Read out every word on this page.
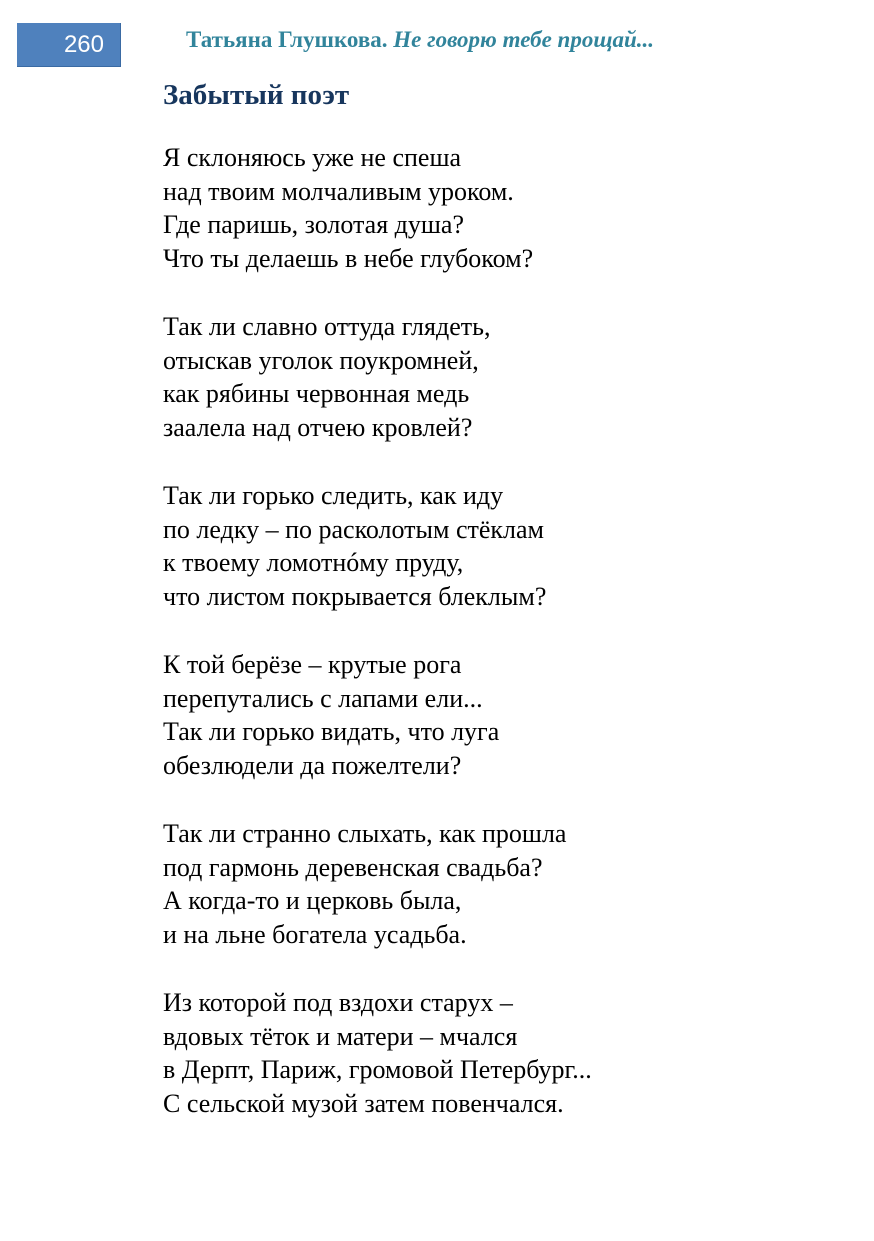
260	Татьяна Глушкова. Не говорю тебе прощай...
Забытый поэт
Я склоняюсь уже не спеша
над твоим молчаливым уроком.
Где паришь, золотая душа?
Что ты делаешь в небе глубоком?
Так ли славно оттуда глядеть,
отыскав уголок поукромней,
как рябины червонная медь
заалела над отчею кровлей?
Так ли горько следить, как иду
по ледку – по расколотым стёклам
к твоему ломотнóму пруду,
что листом покрывается блеклым?
К той берёзе – крутые рога
перепутались с лапами ели...
Так ли горько видать, что луга
обезлюдели да пожелтели?
Так ли странно слыхать, как прошла
под гармонь деревенская свадьба?
А когда-то и церковь была,
и на льне богатела усадьба.
Из которой под вздохи старух –
вдовых тёток и матери – мчался
в Дерпт, Париж, громовой Петербург...
С сельской музой затем повенчался.
